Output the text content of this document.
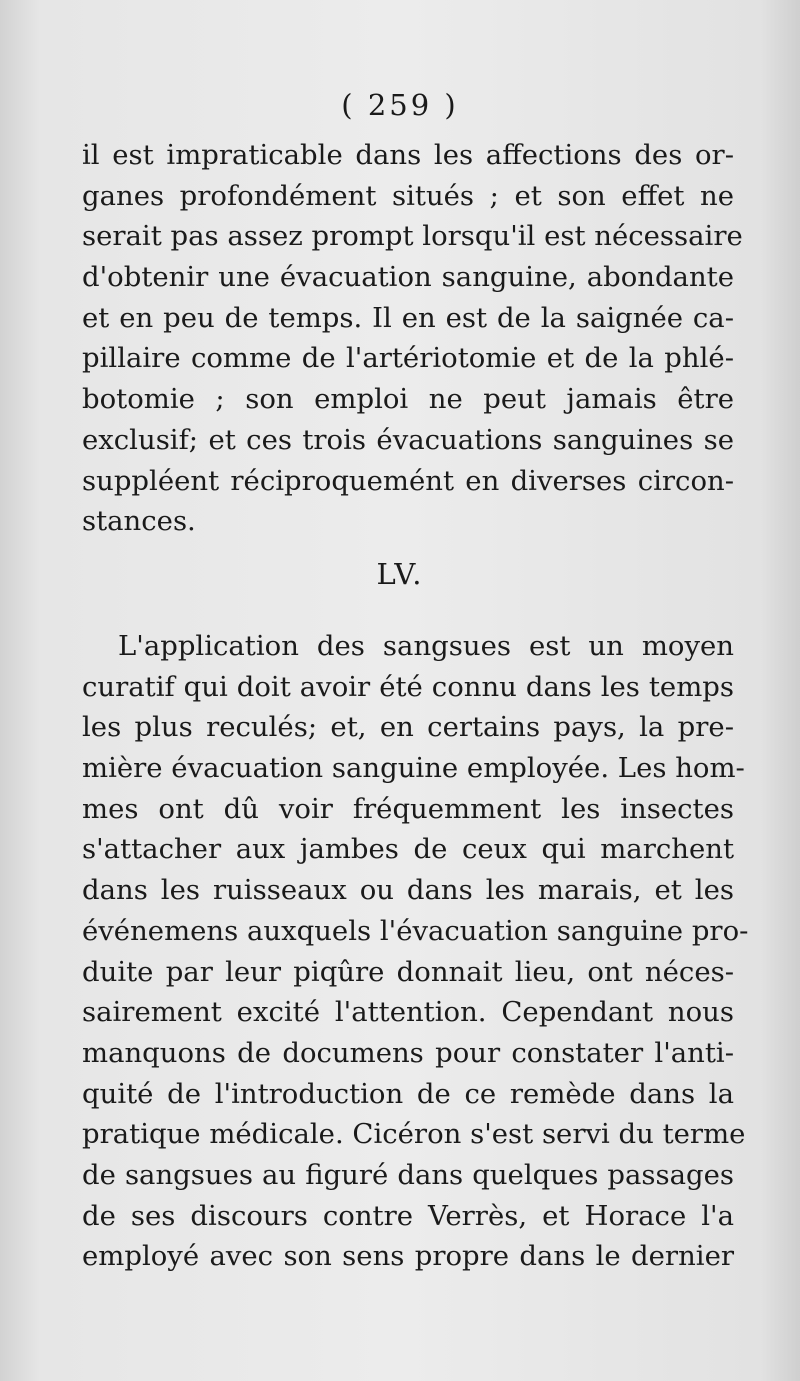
( 259 )
il est impraticable dans les affections des or-
ganes profondément situés ; et son effet ne
serait pas assez prompt lorsqu'il est nécessaire
d'obtenir une évacuation sanguine, abondante
et en peu de temps. Il en est de la saignée ca-
pillaire comme de l'artériotomie et de la phlé-
botomie ; son emploi ne peut jamais être
exclusif; et ces trois évacuations sanguines se
suppléent réciproquemént en diverses circon-
stances.
LV.
L'application des sangsues est un moyen
curatif qui doit avoir été connu dans les temps
les plus reculés; et, en certains pays, la pre-
mière évacuation sanguine employée. Les hom-
mes ont dû voir fréquemment les insectes
s'attacher aux jambes de ceux qui marchent
dans les ruisseaux ou dans les marais, et les
événemens auxquels l'évacuation sanguine pro-
duite par leur piqûre donnait lieu, ont néces-
sairement excité l'attention. Cependant nous
manquons de documens pour constater l'anti-
quité de l'introduction de ce remède dans la
pratique médicale. Cicéron s'est servi du terme
de sangsues au figuré dans quelques passages
de ses discours contre Verrès, et Horace l'a
employé avec son sens propre dans le dernier
